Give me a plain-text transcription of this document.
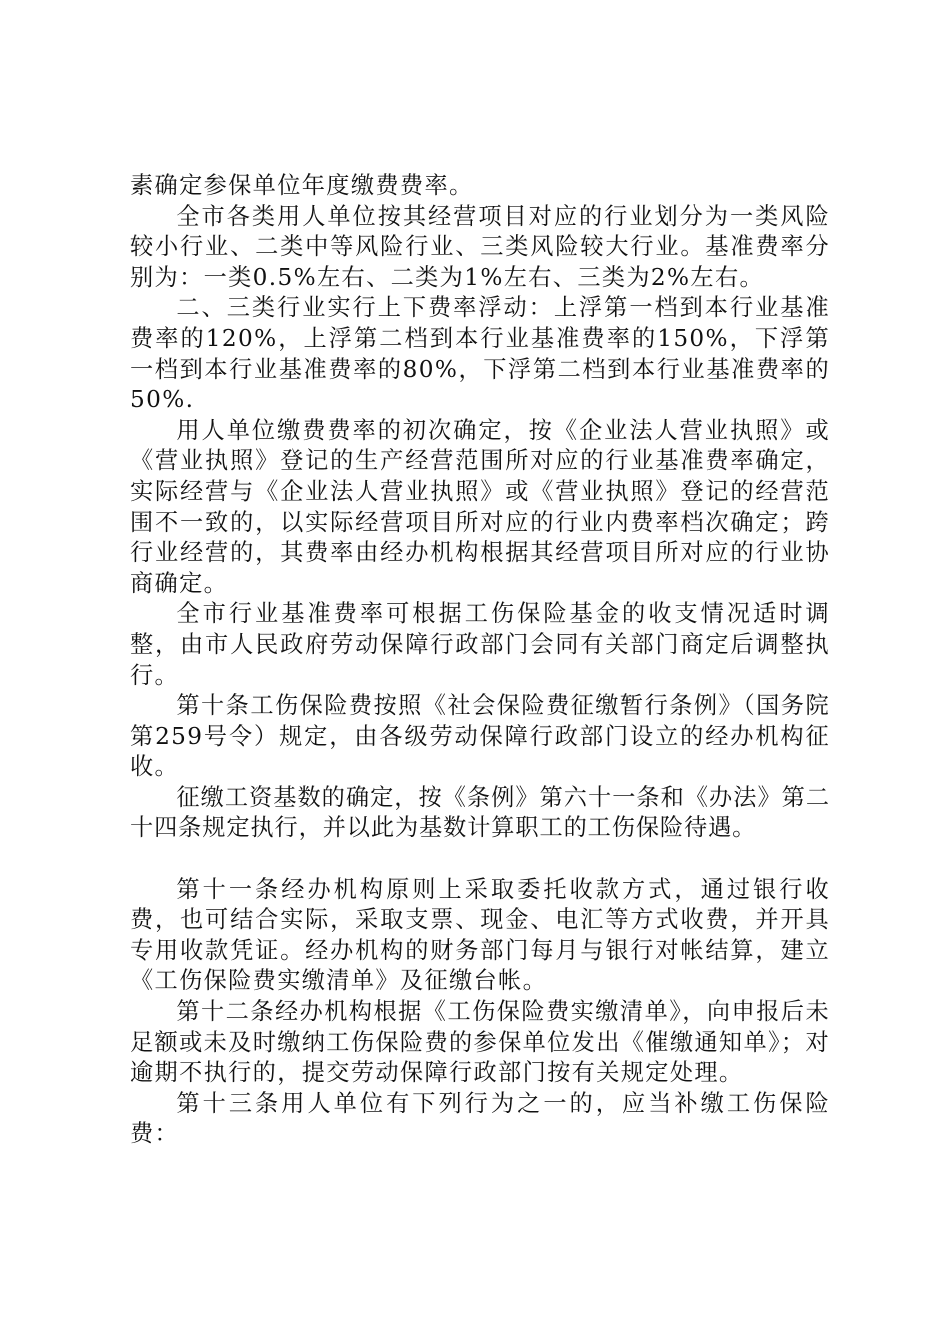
素确定参保单位年度缴费费率。

全市各类用人单位按其经营项目对应的行业划分为一类风险较小行业、二类中等风险行业、三类风险较大行业。基准费率分别为：一类0.5%左右、二类为1%左右、三类为2%左右。

二、三类行业实行上下费率浮动：上浮第一档到本行业基准费率的120%，上浮第二档到本行业基准费率的150%，下浮第一档到本行业基准费率的80%，下浮第二档到本行业基准费率的50%.

用人单位缴费费率的初次确定，按《企业法人营业执照》或《营业执照》登记的生产经营范围所对应的行业基准费率确定，实际经营与《企业法人营业执照》或《营业执照》登记的经营范围不一致的，以实际经营项目所对应的行业内费率档次确定；跨行业经营的，其费率由经办机构根据其经营项目所对应的行业协商确定。

全市行业基准费率可根据工伤保险基金的收支情况适时调整，由市人民政府劳动保障行政部门会同有关部门商定后调整执行。

第十条工伤保险费按照《社会保险费征缴暂行条例》（国务院第259号令）规定，由各级劳动保障行政部门设立的经办机构征收。

征缴工资基数的确定，按《条例》第六十一条和《办法》第二十四条规定执行，并以此为基数计算职工的工伤保险待遇。

第十一条经办机构原则上采取委托收款方式，通过银行收费，也可结合实际，采取支票、现金、电汇等方式收费，并开具专用收款凭证。经办机构的财务部门每月与银行对帐结算，建立《工伤保险费实缴清单》及征缴台帐。

第十二条经办机构根据《工伤保险费实缴清单》，向申报后未足额或未及时缴纳工伤保险费的参保单位发出《催缴通知单》；对逾期不执行的，提交劳动保障行政部门按有关规定处理。

第十三条用人单位有下列行为之一的，应当补缴工伤保险费：
